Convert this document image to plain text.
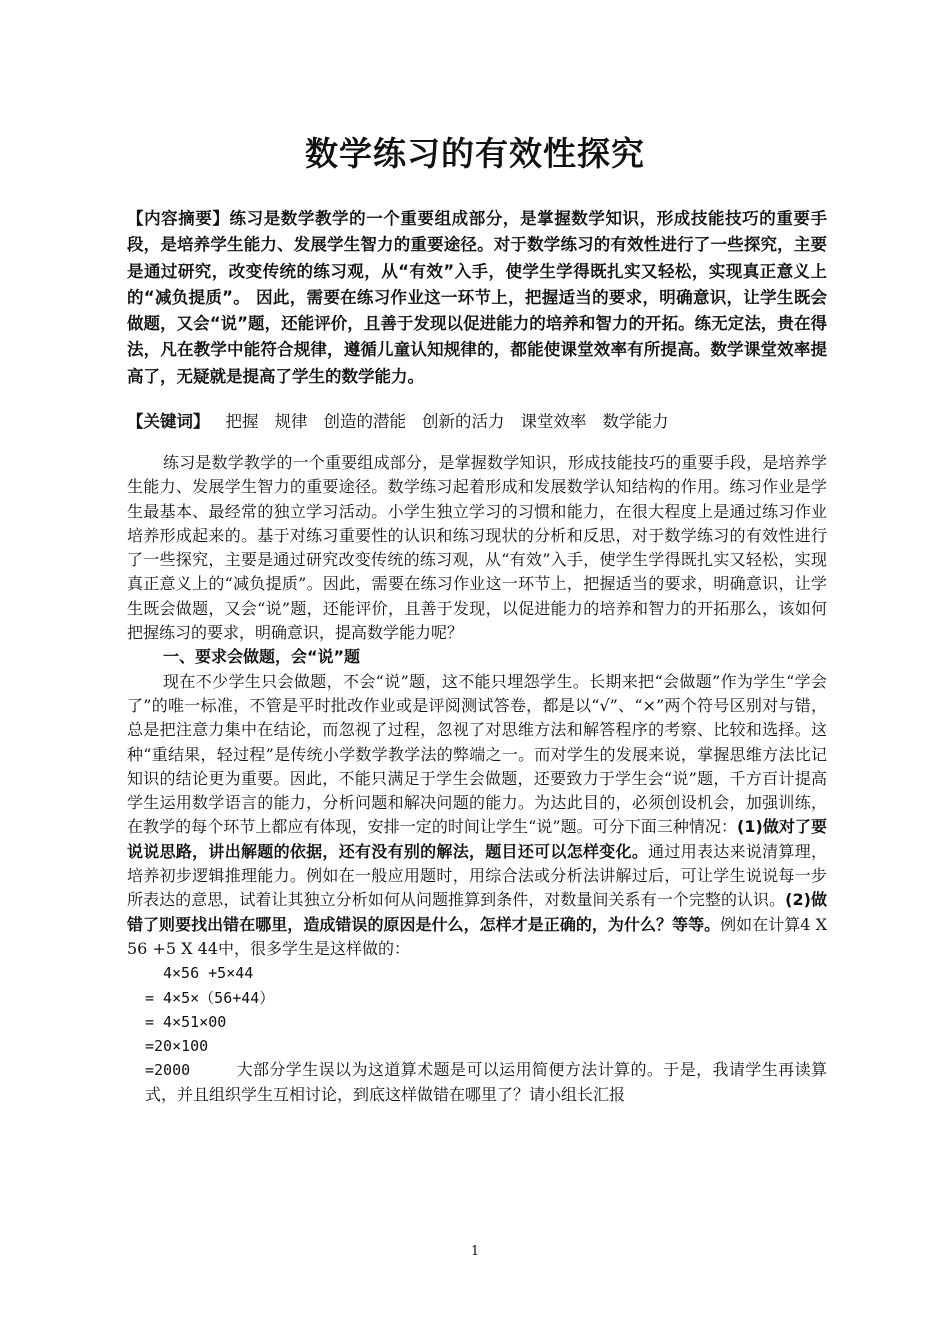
数学练习的有效性探究

【内容摘要】练习是数学教学的一个重要组成部分，是掌握数学知识，形成技能技巧的重要手段，是培养学生能力、发展学生智力的重要途径。对于数学练习的有效性进行了一些探究，主要是通过研究，改变传统的练习观，从“有效”入手，使学生学得既扎实又轻松，实现真正意义上的“减负提质”。 因此，需要在练习作业这一环节上，把握适当的要求，明确意识，让学生既会做题，又会“说”题，还能评价，且善于发现以促进能力的培养和智力的开拓。练无定法，贵在得法，凡在教学中能符合规律，遵循儿童认知规律的，都能使课堂效率有所提高。数学课堂效率提高了，无疑就是提高了学生的数学能力。

【关键词】 把握 规律 创造的潜能 创新的活力 课堂效率 数学能力

练习是数学教学的一个重要组成部分，是掌握数学知识，形成技能技巧的重要手段，是培养学生能力、发展学生智力的重要途径。数学练习起着形成和发展数学认知结构的作用。练习作业是学生最基本、最经常的独立学习活动。小学生独立学习的习惯和能力，在很大程度上是通过练习作业培养形成起来的。基于对练习重要性的认识和练习现状的分析和反思，对于数学练习的有效性进行了一些探究，主要是通过研究改变传统的练习观，从“有效”入手，使学生学得既扎实又轻松，实现真正意义上的“减负提质”。因此，需要在练习作业这一环节上，把握适当的要求，明确意识，让学生既会做题，又会“说”题，还能评价，且善于发现，以促进能力的培养和智力的开拓那么，该如何把握练习的要求，明确意识，提高数学能力呢？

一、要求会做题，会“说”题

现在不少学生只会做题，不会“说”题，这不能只埋怨学生。长期来把“会做题”作为学生“学会了”的唯一标准，不管是平时批改作业或是评阅测试答卷，都是以“√”、“×”两个符号区别对与错，总是把注意力集中在结论，而忽视了过程，忽视了对思维方法和解答程序的考察、比较和选择。这种“重结果，轻过程”是传统小学数学教学法的弊端之一。而对学生的发展来说，掌握思维方法比记知识的结论更为重要。因此，不能只满足于学生会做题，还要致力于学生会“说”题，千方百计提高学生运用数学语言的能力，分析问题和解决问题的能力。为达此目的，必须创设机会，加强训练，在教学的每个环节上都应有体现，安排一定的时间让学生“说”题。可分下面三种情况：(1)做对了要说说思路，讲出解题的依据，还有没有别的解法，题目还可以怎样变化。通过用表达来说清算理，培养初步逻辑推理能力。例如在一般应用题时，用综合法或分析法讲解过后，可让学生说说每一步所表达的意思，试着让其独立分析如何从问题推算到条件，对数量间关系有一个完整的认识。(2)做错了则要找出错在哪里，造成错误的原因是什么，怎样才是正确的，为什么？等等。例如在计算4 X 56 +5 X 44中，很多学生是这样做的：

4×56 +5×44

= 4×5×（56+44）

= 4×51×00

=20×100

=2000	大部分学生误以为这道算术题是可以运用简便方法计算的。于是，我请学生再读算式，并且组织学生互相讨论，到底这样做错在哪里了？请小组长汇报

1
